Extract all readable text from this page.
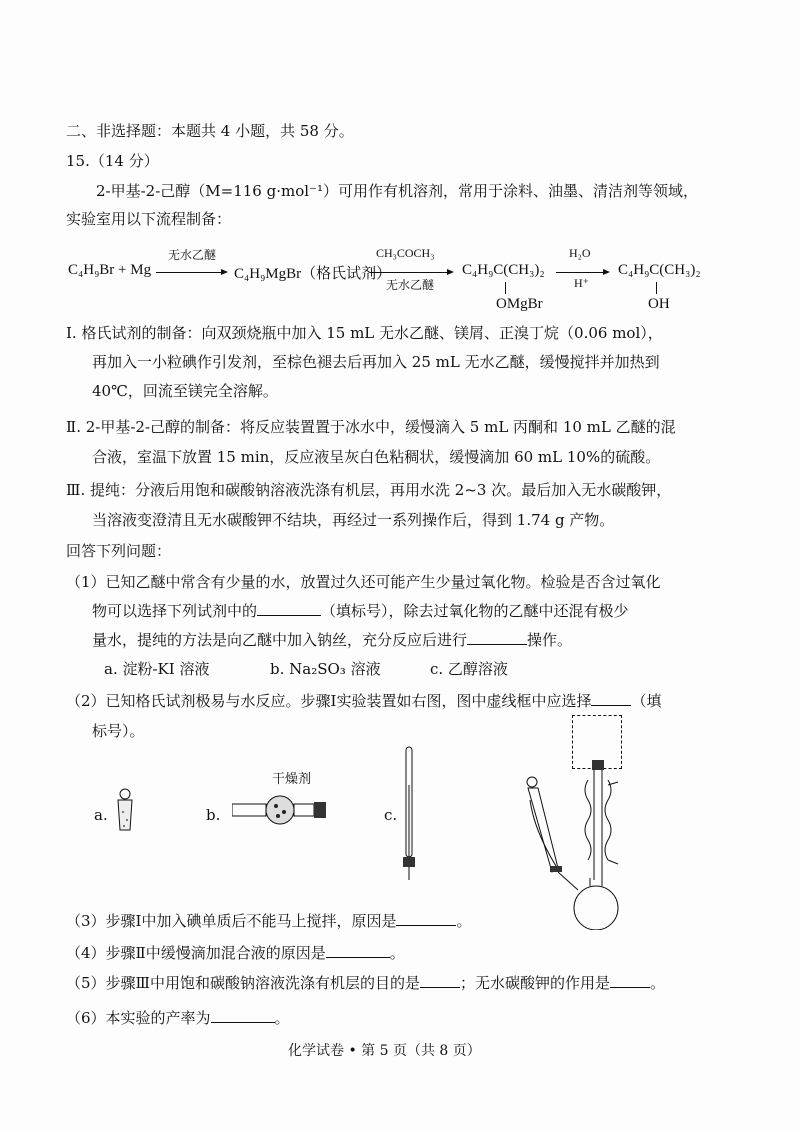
二、非选择题：本题共 4 小题，共 58 分。
15.（14 分）
2-甲基-2-己醇（M=116 g·mol⁻¹）可用作有机溶剂，常用于涂料、油墨、清洁剂等领域，
实验室用以下流程制备：
C₄H₉Br + Mg
无水乙醚
C₄H₉MgBr（格氏试剂）
CH₃COCH₃
无水乙醚
C₄H₉C(CH₃)₂
OMgBr
H₂O
H⁺
C₄H₉C(CH₃)₂
OH
Ⅰ. 格氏试剂的制备：向双颈烧瓶中加入 15 mL 无水乙醚、镁屑、正溴丁烷（0.06 mol），
再加入一小粒碘作引发剂，至棕色褪去后再加入 25 mL 无水乙醚，缓慢搅拌并加热到
40℃，回流至镁完全溶解。
Ⅱ. 2-甲基-2-己醇的制备：将反应装置置于冰水中，缓慢滴入 5 mL 丙酮和 10 mL 乙醚的混
合液，室温下放置 15 min，反应液呈灰白色粘稠状，缓慢滴加 60 mL 10%的硫酸。
Ⅲ. 提纯：分液后用饱和碳酸钠溶液洗涤有机层，再用水洗 2~3 次。最后加入无水碳酸钾，
当溶液变澄清且无水碳酸钾不结块，再经过一系列操作后，得到 1.74 g 产物。
回答下列问题：
（1）已知乙醚中常含有少量的水，放置过久还可能产生少量过氧化物。检验是否含过氧化
物可以选择下列试剂中的	（填标号），除去过氧化物的乙醚中还混有极少
量水，提纯的方法是向乙醚中加入钠丝，充分反应后进行	操作。
a. 淀粉-KI 溶液	b. Na₂SO₃ 溶液	c. 乙醇溶液
（2）已知格氏试剂极易与水反应。步骤Ⅰ实验装置如右图，图中虚线框中应选择	（填
标号）。
a.	b.
干燥剂
c.
（3）步骤Ⅰ中加入碘单质后不能马上搅拌，原因是	。
（4）步骤Ⅱ中缓慢滴加混合液的原因是	。
（5）步骤Ⅲ中用饱和碳酸钠溶液洗涤有机层的目的是	；无水碳酸钾的作用是	。
（6）本实验的产率为	。
化学试卷 • 第 5 页（共 8 页）
